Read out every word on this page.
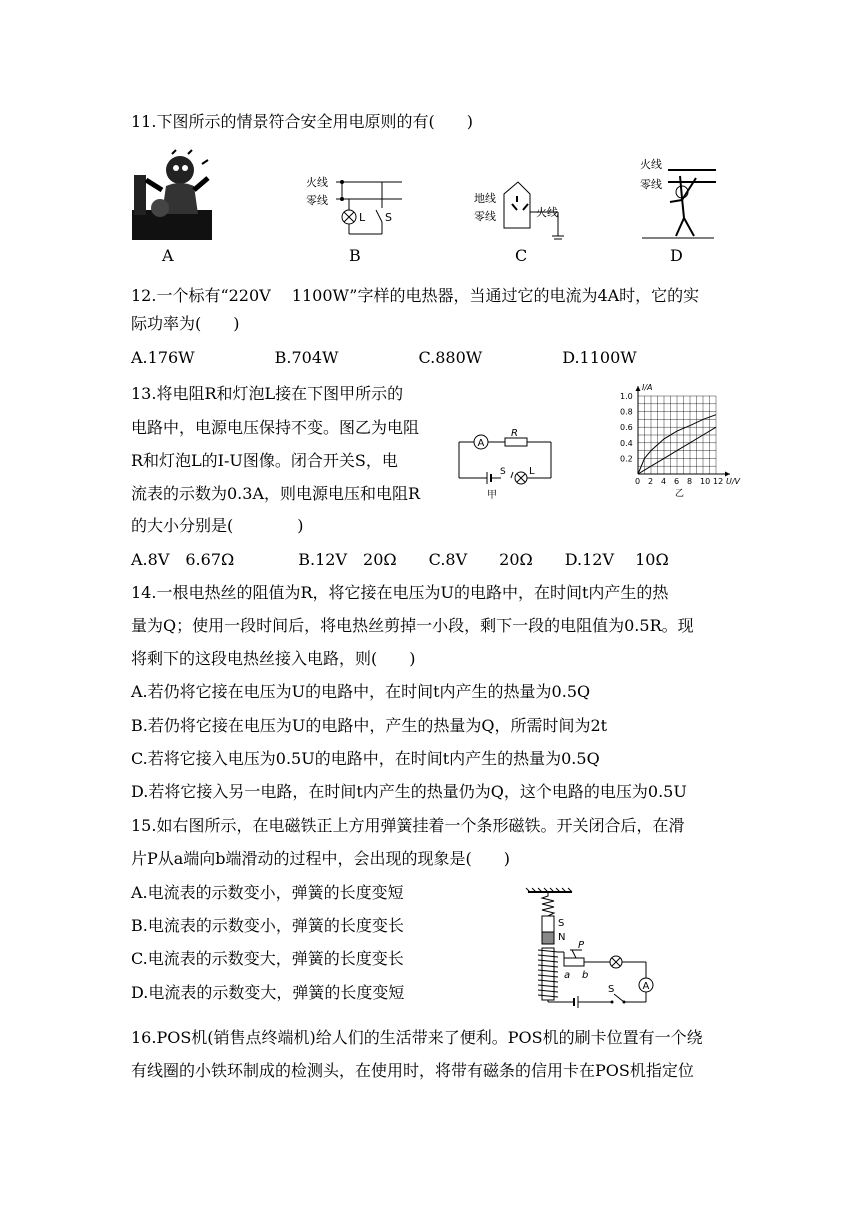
11.下图所示的情景符合安全用电原则的有(　　)
火线
零线
L S
地线
零线	火线
火线
零线
A	B	C	D
12.一个标有“220V　 1100W”字样的电热器，当通过它的电流为4A时，它的实
际功率为(　　)
A.176W　　　　　B.704W　　　　　C.880W　　　　　D.1100W
13.将电阻R和灯泡L接在下图甲所示的
电路中，电源电压保持不变。图乙为电阻
R和灯泡L的I-U图像。闭合开关S，电
流表的示数为0.3A，则电源电压和电阻R
的大小分别是(　　　　)
A.8V　6.67Ω　　　　B.12V　20Ω　　C.8V　　20Ω　　D.12V　 10Ω
A
R
S L
甲
0 2 4 6 8 10 12
0.2
0.4
0.6
0.8
1.0
I/A
U/V
乙
14.一根电热丝的阻值为R，将它接在电压为U的电路中，在时间t内产生的热
量为Q；使用一段时间后，将电热丝剪掉一小段，剩下一段的电阻值为0.5R。现
将剩下的这段电热丝接入电路，则(　　)
A.若仍将它接在电压为U的电路中，在时间t内产生的热量为0.5Q
B.若仍将它接在电压为U的电路中，产生的热量为Q，所需时间为2t
C.若将它接入电压为0.5U的电路中，在时间t内产生的热量为0.5Q
D.若将它接入另一电路，在时间t内产生的热量仍为Q，这个电路的电压为0.5U
15.如右图所示，在电磁铁正上方用弹簧挂着一个条形磁铁。开关闭合后，在滑
片P从a端向b端滑动的过程中，会出现的现象是(　　)
A.电流表的示数变小，弹簧的长度变短
B.电流表的示数变小，弹簧的长度变长
C.电流表的示数变大，弹簧的长度变长
D.电流表的示数变大，弹簧的长度变短
S
N
P
a b
A
S
16.POS机(销售点终端机)给人们的生活带来了便利。POS机的刷卡位置有一个绕
有线圈的小铁环制成的检测头，在使用时，将带有磁条的信用卡在POS机指定位
